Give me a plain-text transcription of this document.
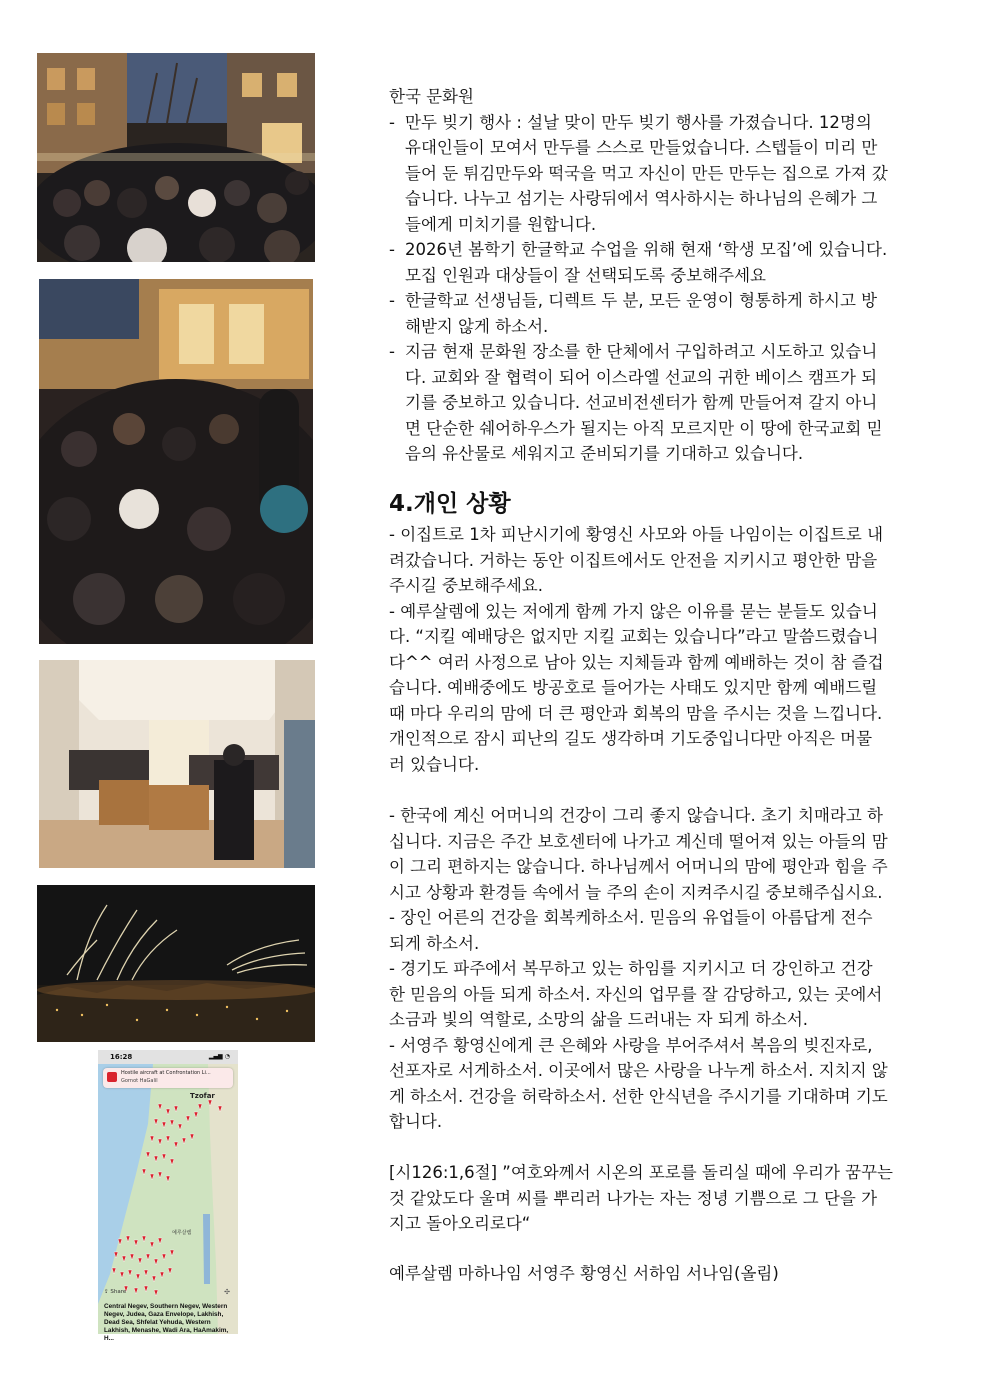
16:28	▂▄▆ ◔
예루살렘
Hostile aircraft at Confrontation Li...
Gornot HaGalil
Tzofar
⇪ Share	✣
Central Negev, Southern Negev, Western Negev, Judea, Gaza Envelope, Lakhish, Dead Sea, Shfelat Yehuda, Western Lakhish, Menashe, Wadi Ara, HaAmakim, H...

한국 문화원

- 만두 빚기 행사 : 설날 맞이 만두 빚기 행사를 가졌습니다. 12명의
유대인들이 모여서 만두를 스스로 만들었습니다. 스텝들이 미리 만
들어 둔 튀김만두와 떡국을 먹고 자신이 만든 만두는 집으로 가져 갔
습니다. 나누고 섬기는 사랑뒤에서 역사하시는 하나님의 은혜가 그
들에게 미치기를 원합니다.
- 2026년 봄학기 한글학교 수업을 위해 현재 ‘학생 모집’에 있습니다.
모집 인원과 대상들이 잘 선택되도록 중보해주세요
- 한글학교 선생님들, 디렉트 두 분, 모든 운영이 형통하게 하시고 방
해받지 않게 하소서.
- 지금 현재 문화원 장소를 한 단체에서 구입하려고 시도하고 있습니
다. 교회와 잘 협력이 되어 이스라엘 선교의 귀한 베이스 캠프가 되
기를 중보하고 있습니다. 선교비전센터가 함께 만들어져 갈지 아니
면 단순한 쉐어하우스가 될지는 아직 모르지만 이 땅에 한국교회 믿
음의 유산물로 세워지고 준비되기를 기대하고 있습니다.
4.개인 상황

- 이집트로 1차 피난시기에 황영신 사모와 아들 나임이는 이집트로 내

려갔습니다. 거하는 동안 이집트에서도 안전을 지키시고 평안한 맘을

주시길 중보해주세요.

- 예루살렘에 있는 저에게 함께 가지 않은 이유를 묻는 분들도 있습니

다. “지킬 예배당은 없지만 지킬 교회는 있습니다”라고 말씀드렸습니

다^^ 여러 사정으로 남아 있는 지체들과 함께 예배하는 것이 참 즐겁

습니다. 예배중에도 방공호로 들어가는 사태도 있지만 함께 예배드릴

때 마다 우리의 맘에 더 큰 평안과 회복의 맘을 주시는 것을 느낍니다.

개인적으로 잠시 피난의 길도 생각하며 기도중입니다만 아직은 머물

러 있습니다.

- 한국에 계신 어머니의 건강이 그리 좋지 않습니다. 초기 치매라고 하

십니다. 지금은 주간 보호센터에 나가고 계신데 떨어져 있는 아들의 맘

이 그리 편하지는 않습니다. 하나님께서 어머니의 맘에 평안과 힘을 주

시고 상황과 환경들 속에서 늘 주의 손이 지켜주시길 중보해주십시요.

- 장인 어른의 건강을 회복케하소서. 믿음의 유업들이 아름답게 전수

되게 하소서.

- 경기도 파주에서 복무하고 있는 하임를 지키시고 더 강인하고 건강

한 믿음의 아들 되게 하소서. 자신의 업무를 잘 감당하고, 있는 곳에서

소금과 빛의 역할로, 소망의 삶을 드러내는 자 되게 하소서.

- 서영주 황영신에게 큰 은혜와 사랑을 부어주셔서 복음의 빚진자로,

선포자로 서게하소서. 이곳에서 많은 사랑을 나누게 하소서. 지치지 않

게 하소서. 건강을 허락하소서. 선한 안식년을 주시기를 기대하며 기도

합니다.

[시126:1,6절] ”여호와께서 시온의 포로를 돌리실 때에 우리가 꿈꾸는

것 같았도다 울며 씨를 뿌리러 나가는 자는 정녕 기쁨으로 그 단을 가

지고 돌아오리로다“

예루살렘 마하나임 서영주 황영신 서하임 서나임(올림)
